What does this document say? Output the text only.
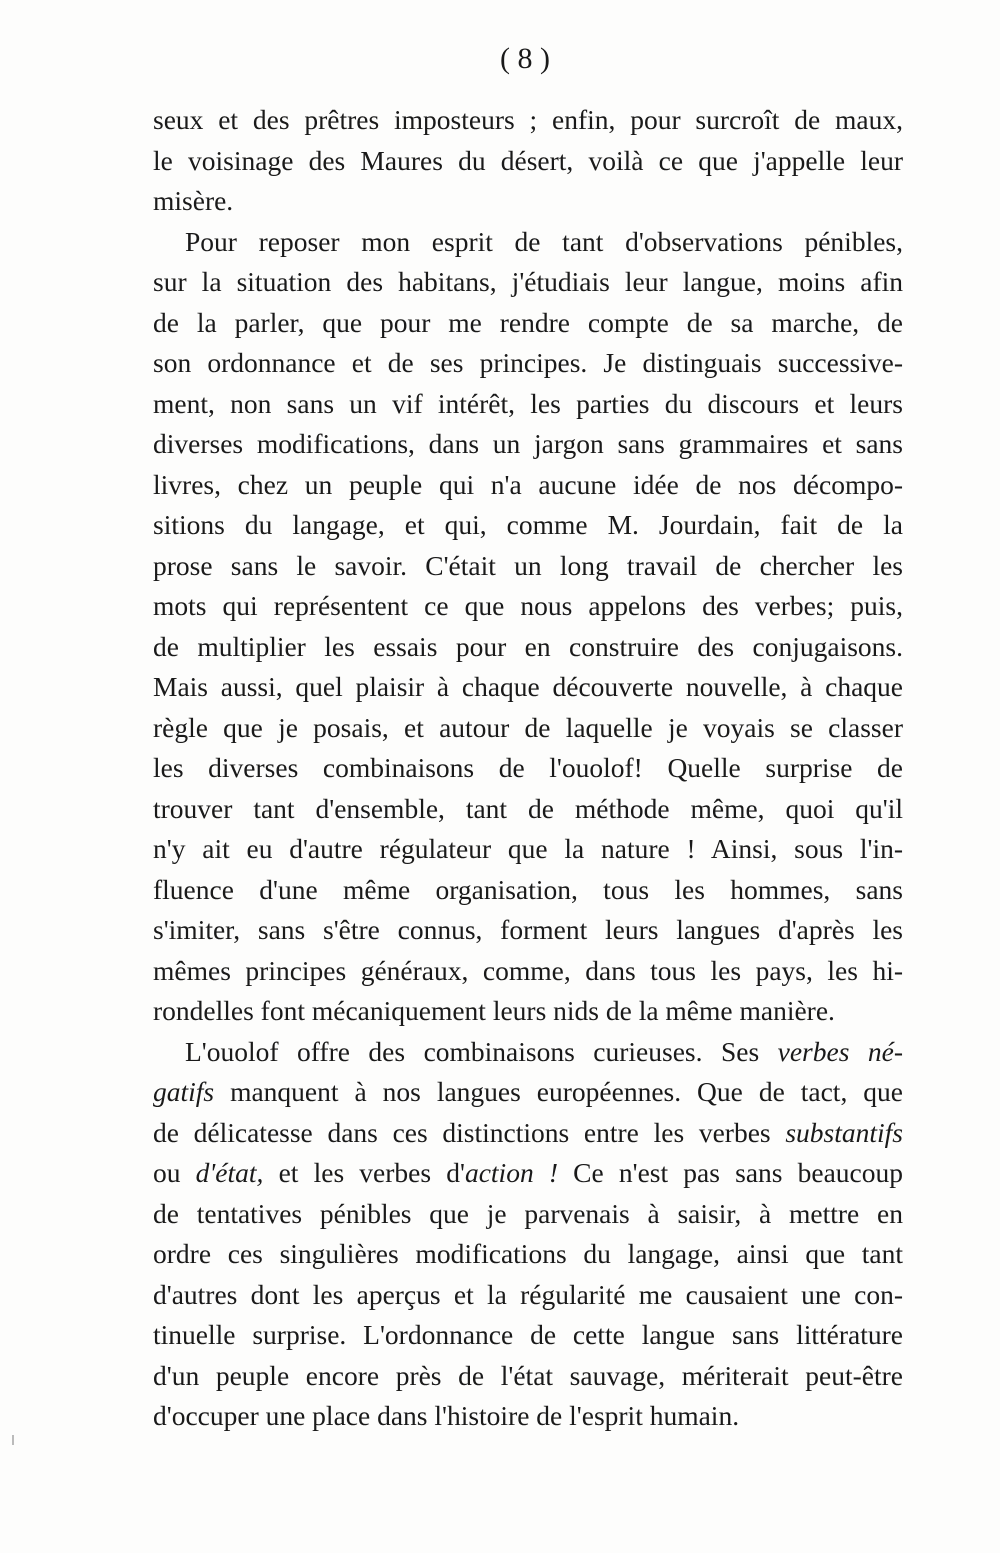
( 8 )
seux et des prêtres imposteurs ; enfin, pour surcroît de maux,
le voisinage des Maures du désert, voilà ce que j'appelle leur
misère.
Pour reposer mon esprit de tant d'observations pénibles,
sur la situation des habitans, j'étudiais leur langue, moins afin
de la parler, que pour me rendre compte de sa marche, de
son ordonnance et de ses principes. Je distinguais successive-
ment, non sans un vif intérêt, les parties du discours et leurs
diverses modifications, dans un jargon sans grammaires et sans
livres, chez un peuple qui n'a aucune idée de nos décompo-
sitions du langage, et qui, comme M. Jourdain, fait de la
prose sans le savoir. C'était un long travail de chercher les
mots qui représentent ce que nous appelons des verbes; puis,
de multiplier les essais pour en construire des conjugaisons.
Mais aussi, quel plaisir à chaque découverte nouvelle, à chaque
règle que je posais, et autour de laquelle je voyais se classer
les diverses combinaisons de l'ouolof! Quelle surprise de
trouver tant d'ensemble, tant de méthode même, quoi qu'il
n'y ait eu d'autre régulateur que la nature ! Ainsi, sous l'in-
fluence d'une même organisation, tous les hommes, sans
s'imiter, sans s'être connus, forment leurs langues d'après les
mêmes principes généraux, comme, dans tous les pays, les hi-
rondelles font mécaniquement leurs nids de la même manière.
L'ouolof offre des combinaisons curieuses. Ses verbes né-
gatifs manquent à nos langues européennes. Que de tact, que
de délicatesse dans ces distinctions entre les verbes substantifs
ou d'état, et les verbes d'action ! Ce n'est pas sans beaucoup
de tentatives pénibles que je parvenais à saisir, à mettre en
ordre ces singulières modifications du langage, ainsi que tant
d'autres dont les aperçus et la régularité me causaient une con-
tinuelle surprise. L'ordonnance de cette langue sans littérature
d'un peuple encore près de l'état sauvage, mériterait peut-être
d'occuper une place dans l'histoire de l'esprit humain.
